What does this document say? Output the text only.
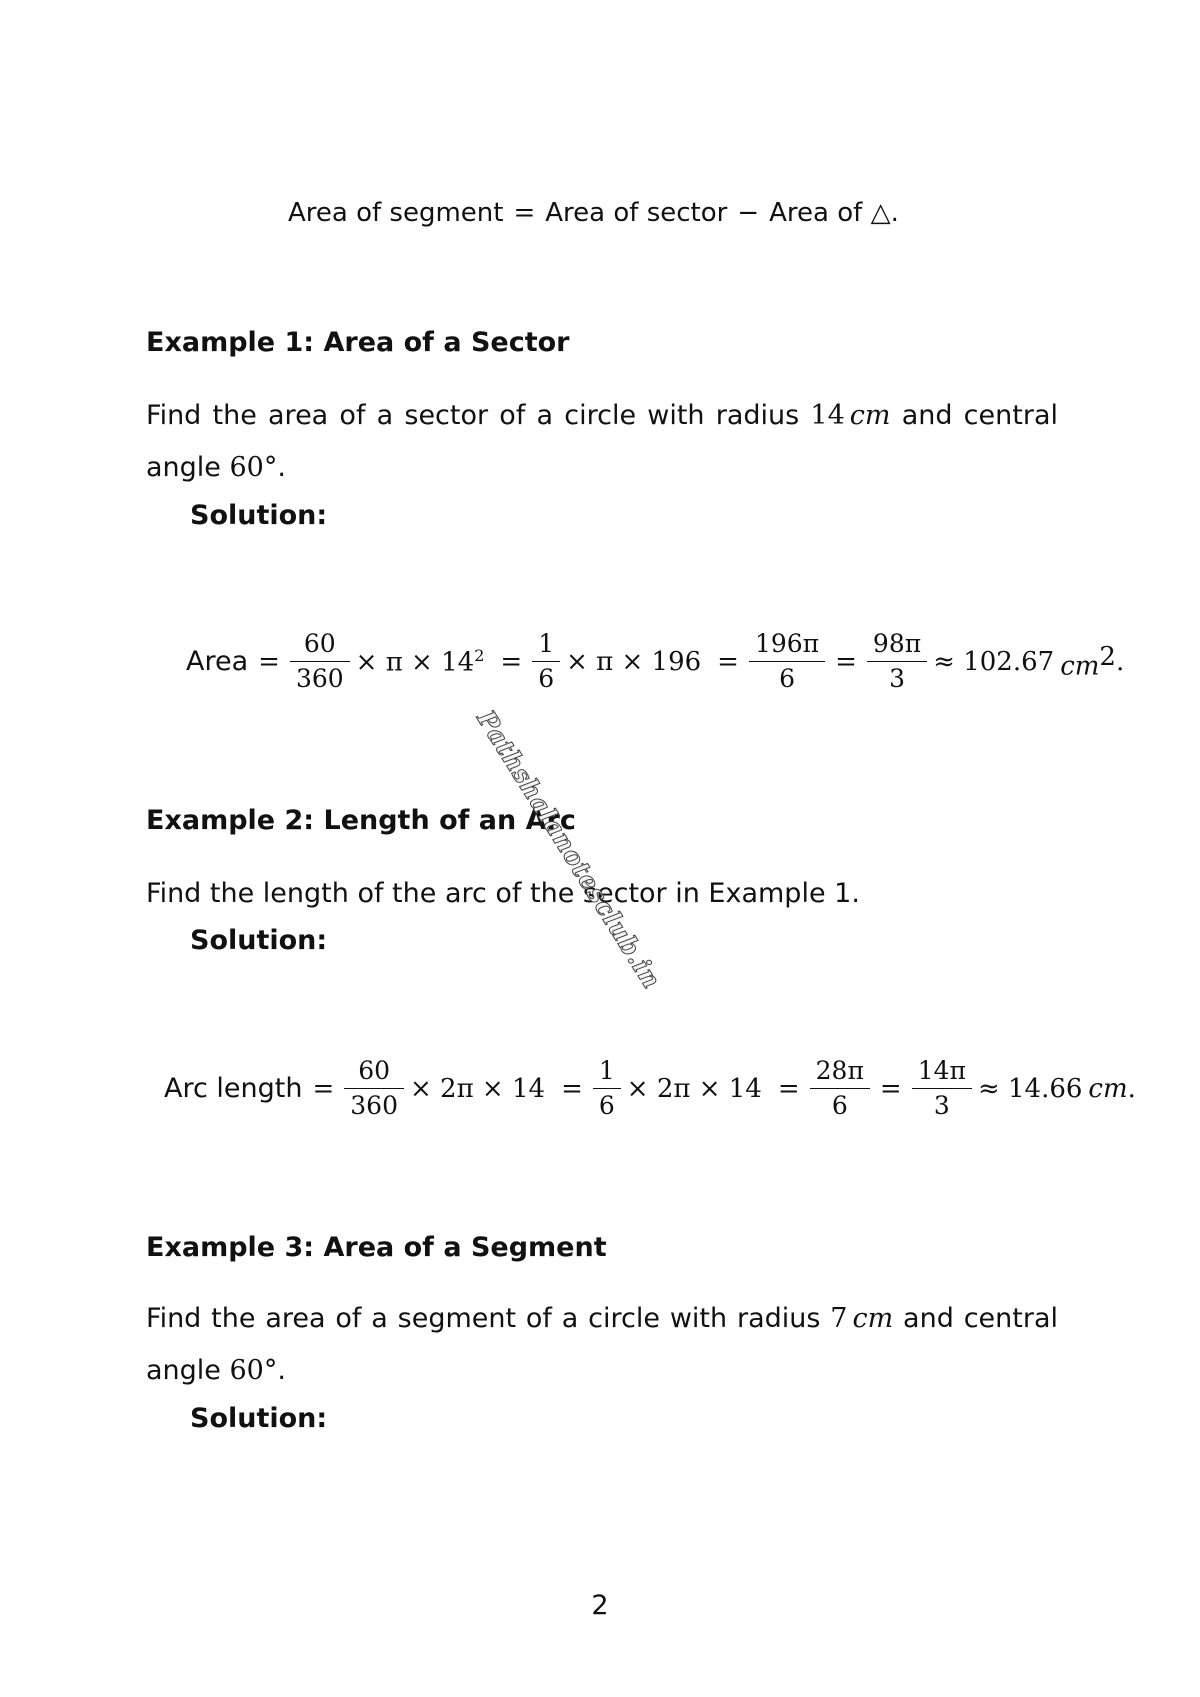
Area of segment = Area of sector − Area of △.
Example 1: Area of a Sector

Find the area of a sector of a circle with radius 14 cm and central angle 60°.

Solution:
Area = $\frac{60}{360} \times \pi \times 14^2 = \frac{1}{6} \times \pi \times 196 = \frac{196\pi}{6} = \frac{98\pi}{3} \approx 102.67$ $cm^2$ .
Example 2: Length of an Arc

Find the length of the arc of the sector in Example 1.

Solution:
Arc length = $\frac{60}{360} \times 2\pi \times 14 = \frac{1}{6} \times 2\pi \times 14 = \frac{28\pi}{6} = \frac{14\pi}{3} \approx 14.66$ cm .
Example 3: Area of a Segment

Find the area of a segment of a circle with radius 7 cm and central angle 60°.

Solution:
2
Pathshalanotesclub.in
